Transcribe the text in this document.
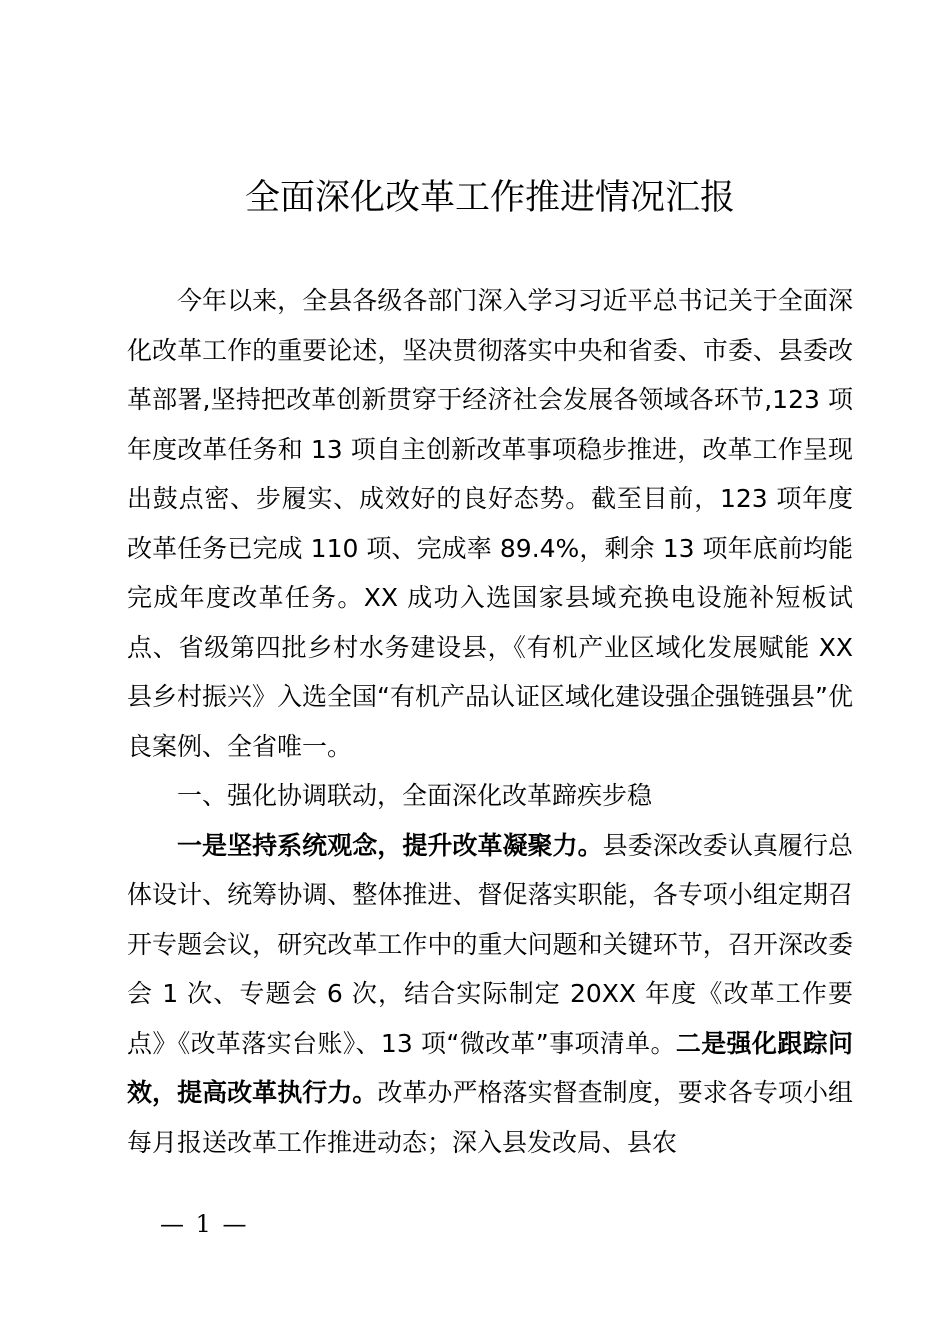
全面深化改革工作推进情况汇报

今年以来，全县各级各部门深入学习习近平总书记关于全面深化改革工作的重要论述，坚决贯彻落实中央和省委、市委、县委改革部署,坚持把改革创新贯穿于经济社会发展各领域各环节,123 项年度改革任务和 13 项自主创新改革事项稳步推进，改革工作呈现出鼓点密、步履实、成效好的良好态势。截至目前，123 项年度改革任务已完成 110 项、完成率 89.4%，剩余 13 项年底前均能完成年度改革任务。XX 成功入选国家县域充换电设施补短板试点、省级第四批乡村水务建设县，《有机产业区域化发展赋能 XX 县乡村振兴》入选全国“有机产品认证区域化建设强企强链强县”优良案例、全省唯一。

一、强化协调联动，全面深化改革蹄疾步稳

一是坚持系统观念，提升改革凝聚力。县委深改委认真履行总体设计、统筹协调、整体推进、督促落实职能，各专项小组定期召开专题会议，研究改革工作中的重大问题和关键环节，召开深改委会 1 次、专题会 6 次，结合实际制定 20XX 年度《改革工作要点》《改革落实台账》、13 项“微改革”事项清单。二是强化跟踪问效，提高改革执行力。改革办严格落实督查制度，要求各专项小组每月报送改革工作推进动态；深入县发改局、县农

— 1 —
